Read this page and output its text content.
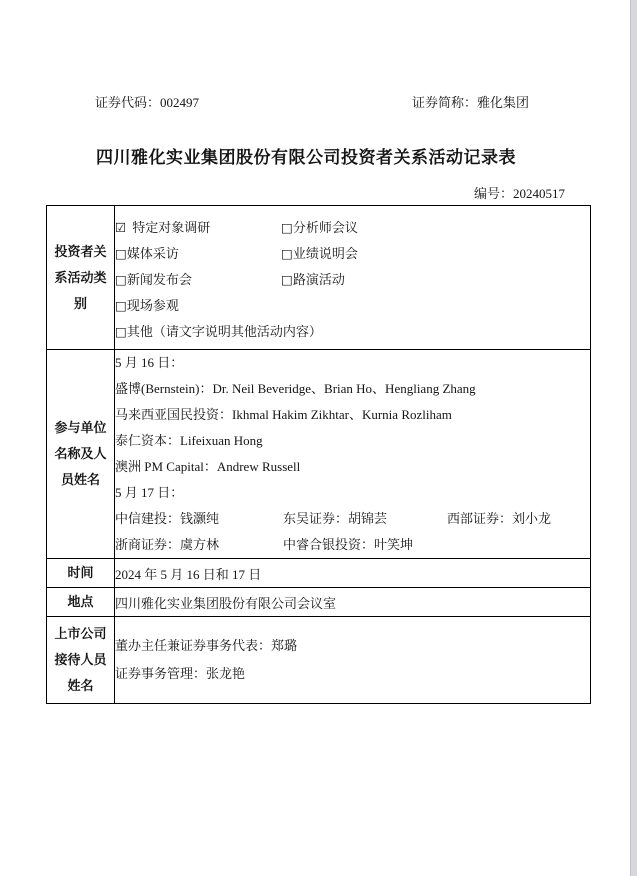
证券代码：002497	证券简称：雅化集团
四川雅化实业集团股份有限公司投资者关系活动记录表
编号：20240517
投资者关
系活动类
别

☑ 特定对象调研	□分析师会议
□媒体采访	□业绩说明会
□新闻发布会	□路演活动
□现场参观
□其他（请文字说明其他活动内容）

参与单位
名称及人
员姓名

5 月 16 日：
盛博(Bernstein)：Dr. Neil Beveridge、Brian Ho、Hengliang Zhang
马来西亚国民投资：Ikhmal Hakim Zikhtar、Kurnia Rozliham
泰仁资本：Lifeixuan Hong
澳洲 PM Capital：Andrew Russell
5 月 17 日：
中信建投：钱灏纯	东吴证券：胡锦芸	西部证券：刘小龙
浙商证券：虞方林	中睿合银投资：叶笑坤

时间	2024 年 5 月 16 日和 17 日
地点	四川雅化实业集团股份有限公司会议室

上市公司
接待人员
姓名

董办主任兼证券事务代表：郑璐
证券事务管理：张龙艳
